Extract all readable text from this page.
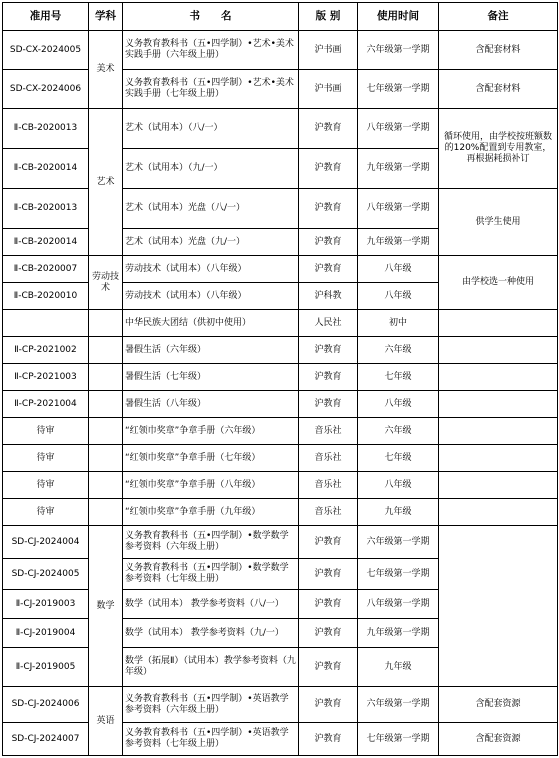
准用号	学科	书　　名	版 别	使用时间	备注
SD-CX-2024005	美术	义务教育教科书（五•四学制）•艺术•美术实践手册（六年级上册）	沪书画	六年级第一学期	含配套材料
SD-CX-2024006		义务教育教科书（五•四学制）•艺术•美术实践手册（七年级上册）	沪书画	七年级第一学期	含配套材料
Ⅱ-CB-2020013	艺术	艺术（试用本）（八/一）	沪教育	八年级第一学期	循环使用，由学校按班额数的120%配置到专用教室，再根据耗损补订
Ⅱ-CB-2020014		艺术（试用本）（九/一）	沪教育	九年级第一学期	
Ⅱ-CB-2020013		艺术（试用本）光盘（八/一）	沪教育	八年级第一学期	供学生使用
Ⅱ-CB-2020014		艺术（试用本）光盘（九/一）	沪教育	九年级第一学期	
Ⅱ-CB-2020007	劳动技术	劳动技术（试用本）（八年级）	沪教育	八年级	由学校选一种使用
Ⅱ-CB-2020010		劳动技术（试用本）（八年级）	沪科教	八年级	
		中华民族大团结（供初中使用）	人民社	初中	
Ⅱ-CP-2021002		暑假生活（六年级）	沪教育	六年级	
Ⅱ-CP-2021003		暑假生活（七年级）	沪教育	七年级	
Ⅱ-CP-2021004		暑假生活（八年级）	沪教育	八年级	
待审		“红领巾奖章”争章手册（六年级）	音乐社	六年级	
待审		“红领巾奖章”争章手册（七年级）	音乐社	七年级	
待审		“红领巾奖章”争章手册（八年级）	音乐社	八年级	
待审		“红领巾奖章”争章手册（九年级）	音乐社	九年级	
SD-CJ-2024004	数学	义务教育教科书（五•四学制）•数学数学参考资料（六年级上册）	沪教育	六年级第一学期	
SD-CJ-2024005		义务教育教科书（五•四学制）•数学数学参考资料（七年级上册）	沪教育	七年级第一学期	
Ⅱ-CJ-2019003		数学（试用本） 教学参考资料（八/一）	沪教育	八年级第一学期	
Ⅱ-CJ-2019004		数学（试用本） 教学参考资料（九/一）	沪教育	九年级第一学期	
Ⅱ-CJ-2019005		数学（拓展Ⅱ）（试用本）教学参考资料（九年级）	沪教育	九年级	
SD-CJ-2024006	英语	义务教育教科书（五•四学制）•英语教学参考资料（六年级上册）	沪教育	六年级第一学期	含配套资源
SD-CJ-2024007		义务教育教科书（五•四学制）•英语教学参考资料（七年级上册）	沪教育	七年级第一学期	含配套资源
